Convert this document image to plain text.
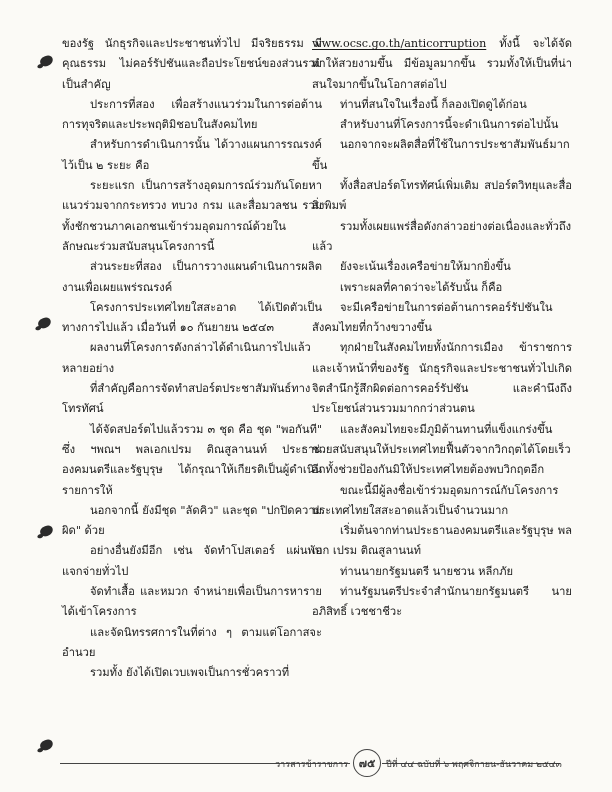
ของรัฐ นักธุรกิจและประชาชนทั่วไป มีจริยธรรม มีคุณธรรม ไม่คอร์รัปชันและถือประโยชน์ของส่วนรวมเป็นสำคัญ

ประการที่สอง เพื่อสร้างแนวร่วมในการต่อต้านการทุจริตและประพฤติมิชอบในสังคมไทย

สำหรับการดำเนินการนั้น ได้วางแผนการรณรงค์ไว้เป็น ๒ ระยะ คือ

ระยะแรก เป็นการสร้างอุดมการณ์ร่วมกันโดยหาแนวร่วมจากกระทรวง ทบวง กรม และสื่อมวลชน รวมทั้งชักชวนภาคเอกชนเข้าร่วมอุดมการณ์ด้วยในลักษณะร่วมสนับสนุนโครงการนี้

ส่วนระยะที่สอง เป็นการวางแผนดำเนินการผลิตงานเพื่อเผยแพร่รณรงค์

โครงการประเทศไทยใสสะอาด ได้เปิดตัวเป็นทางการไปแล้ว เมื่อวันที่ ๑๐ กันยายน ๒๕๔๓

ผลงานที่โครงการดังกล่าวได้ดำเนินการไปแล้วหลายอย่าง

ที่สำคัญคือการจัดทำสปอร์ตประชาสัมพันธ์ทางโทรทัศน์

ได้จัดสปอร์ตไปแล้วรวม ๓ ชุด คือ ชุด "พอกันที" ซึ่ง ฯพณฯ พลเอกเปรม ติณสูลานนท์ ประธานองคมนตรีและรัฐบุรุษ ได้กรุณาให้เกียรติเป็นผู้ดำเนินรายการให้

นอกจากนี้ ยังมีชุด "ลัดคิว" และชุด "ปกปิดความผิด" ด้วย

อย่างอื่นยังมีอีก เช่น จัดทำโปสเตอร์ แผ่นพับ แจกจ่ายทั่วไป

จัดทำเสื้อ และหมวก จำหน่ายเพื่อเป็นการหารายได้เข้าโครงการ

และจัดนิทรรศการในที่ต่าง ๆ ตามแต่โอกาสจะอำนวย

รวมทั้ง ยังได้เปิดเวบเพจเป็นการชั่วคราวที่

www.ocsc.go.th/anticorruption ทั้งนี้ จะได้จัดทำให้สวยงามขึ้น มีข้อมูลมากขึ้น รวมทั้งให้เป็นที่น่าสนใจมากขึ้นในโอกาสต่อไป

ท่านที่สนใจในเรื่องนี้ ก็ลองเปิดดูได้ก่อน

สำหรับงานที่โครงการนี้จะดำเนินการต่อไปนั้น

นอกจากจะผลิตสื่อที่ใช้ในการประชาสัมพันธ์มากขึ้น

ทั้งสื่อสปอร์ตโทรทัศน์เพิ่มเติม สปอร์ตวิทยุและสื่อสิ่งพิมพ์

รวมทั้งเผยแพร่สื่อดังกล่าวอย่างต่อเนื่องและทั่วถึงแล้ว

ยังจะเน้นเรื่องเครือข่ายให้มากยิ่งขึ้น

เพราะผลที่คาดว่าจะได้รับนั้น ก็คือ

จะมีเครือข่ายในการต่อต้านการคอร์รัปชันในสังคมไทยที่กว้างขวางขึ้น

ทุกฝ่ายในสังคมไทยทั้งนักการเมือง ข้าราชการและเจ้าหน้าที่ของรัฐ นักธุรกิจและประชาชนทั่วไปเกิดจิตสำนึกรู้สึกผิดต่อการคอร์รัปชัน และคำนึงถึงประโยชน์ส่วนรวมมากกว่าส่วนตน

และสังคมไทยจะมีภูมิต้านทานที่แข็งแกร่งขึ้น ช่วยสนับสนุนให้ประเทศไทยฟื้นตัวจากวิกฤตได้โดยเร็ว อีกทั้งช่วยป้องกันมิให้ประเทศไทยต้องพบวิกฤตอีก

ขณะนี้มีผู้ลงชื่อเข้าร่วมอุดมการณ์กับโครงการประเทศไทยใสสะอาดแล้วเป็นจำนวนมาก

เริ่มต้นจากท่านประธานองคมนตรีและรัฐบุรุษ พลเอก เปรม ติณสูลานนท์

ท่านนายกรัฐมนตรี นายชวน หลีกภัย

ท่านรัฐมนตรีประจำสำนักนายกรัฐมนตรี นายอภิสิทธิ์ เวชชาชีวะ

วารสารข้าราชการ ๗๕ ปีที่ ๔๔ ฉบับที่ ๖ พฤศจิกายน-ธันวาคม ๒๕๔๓
